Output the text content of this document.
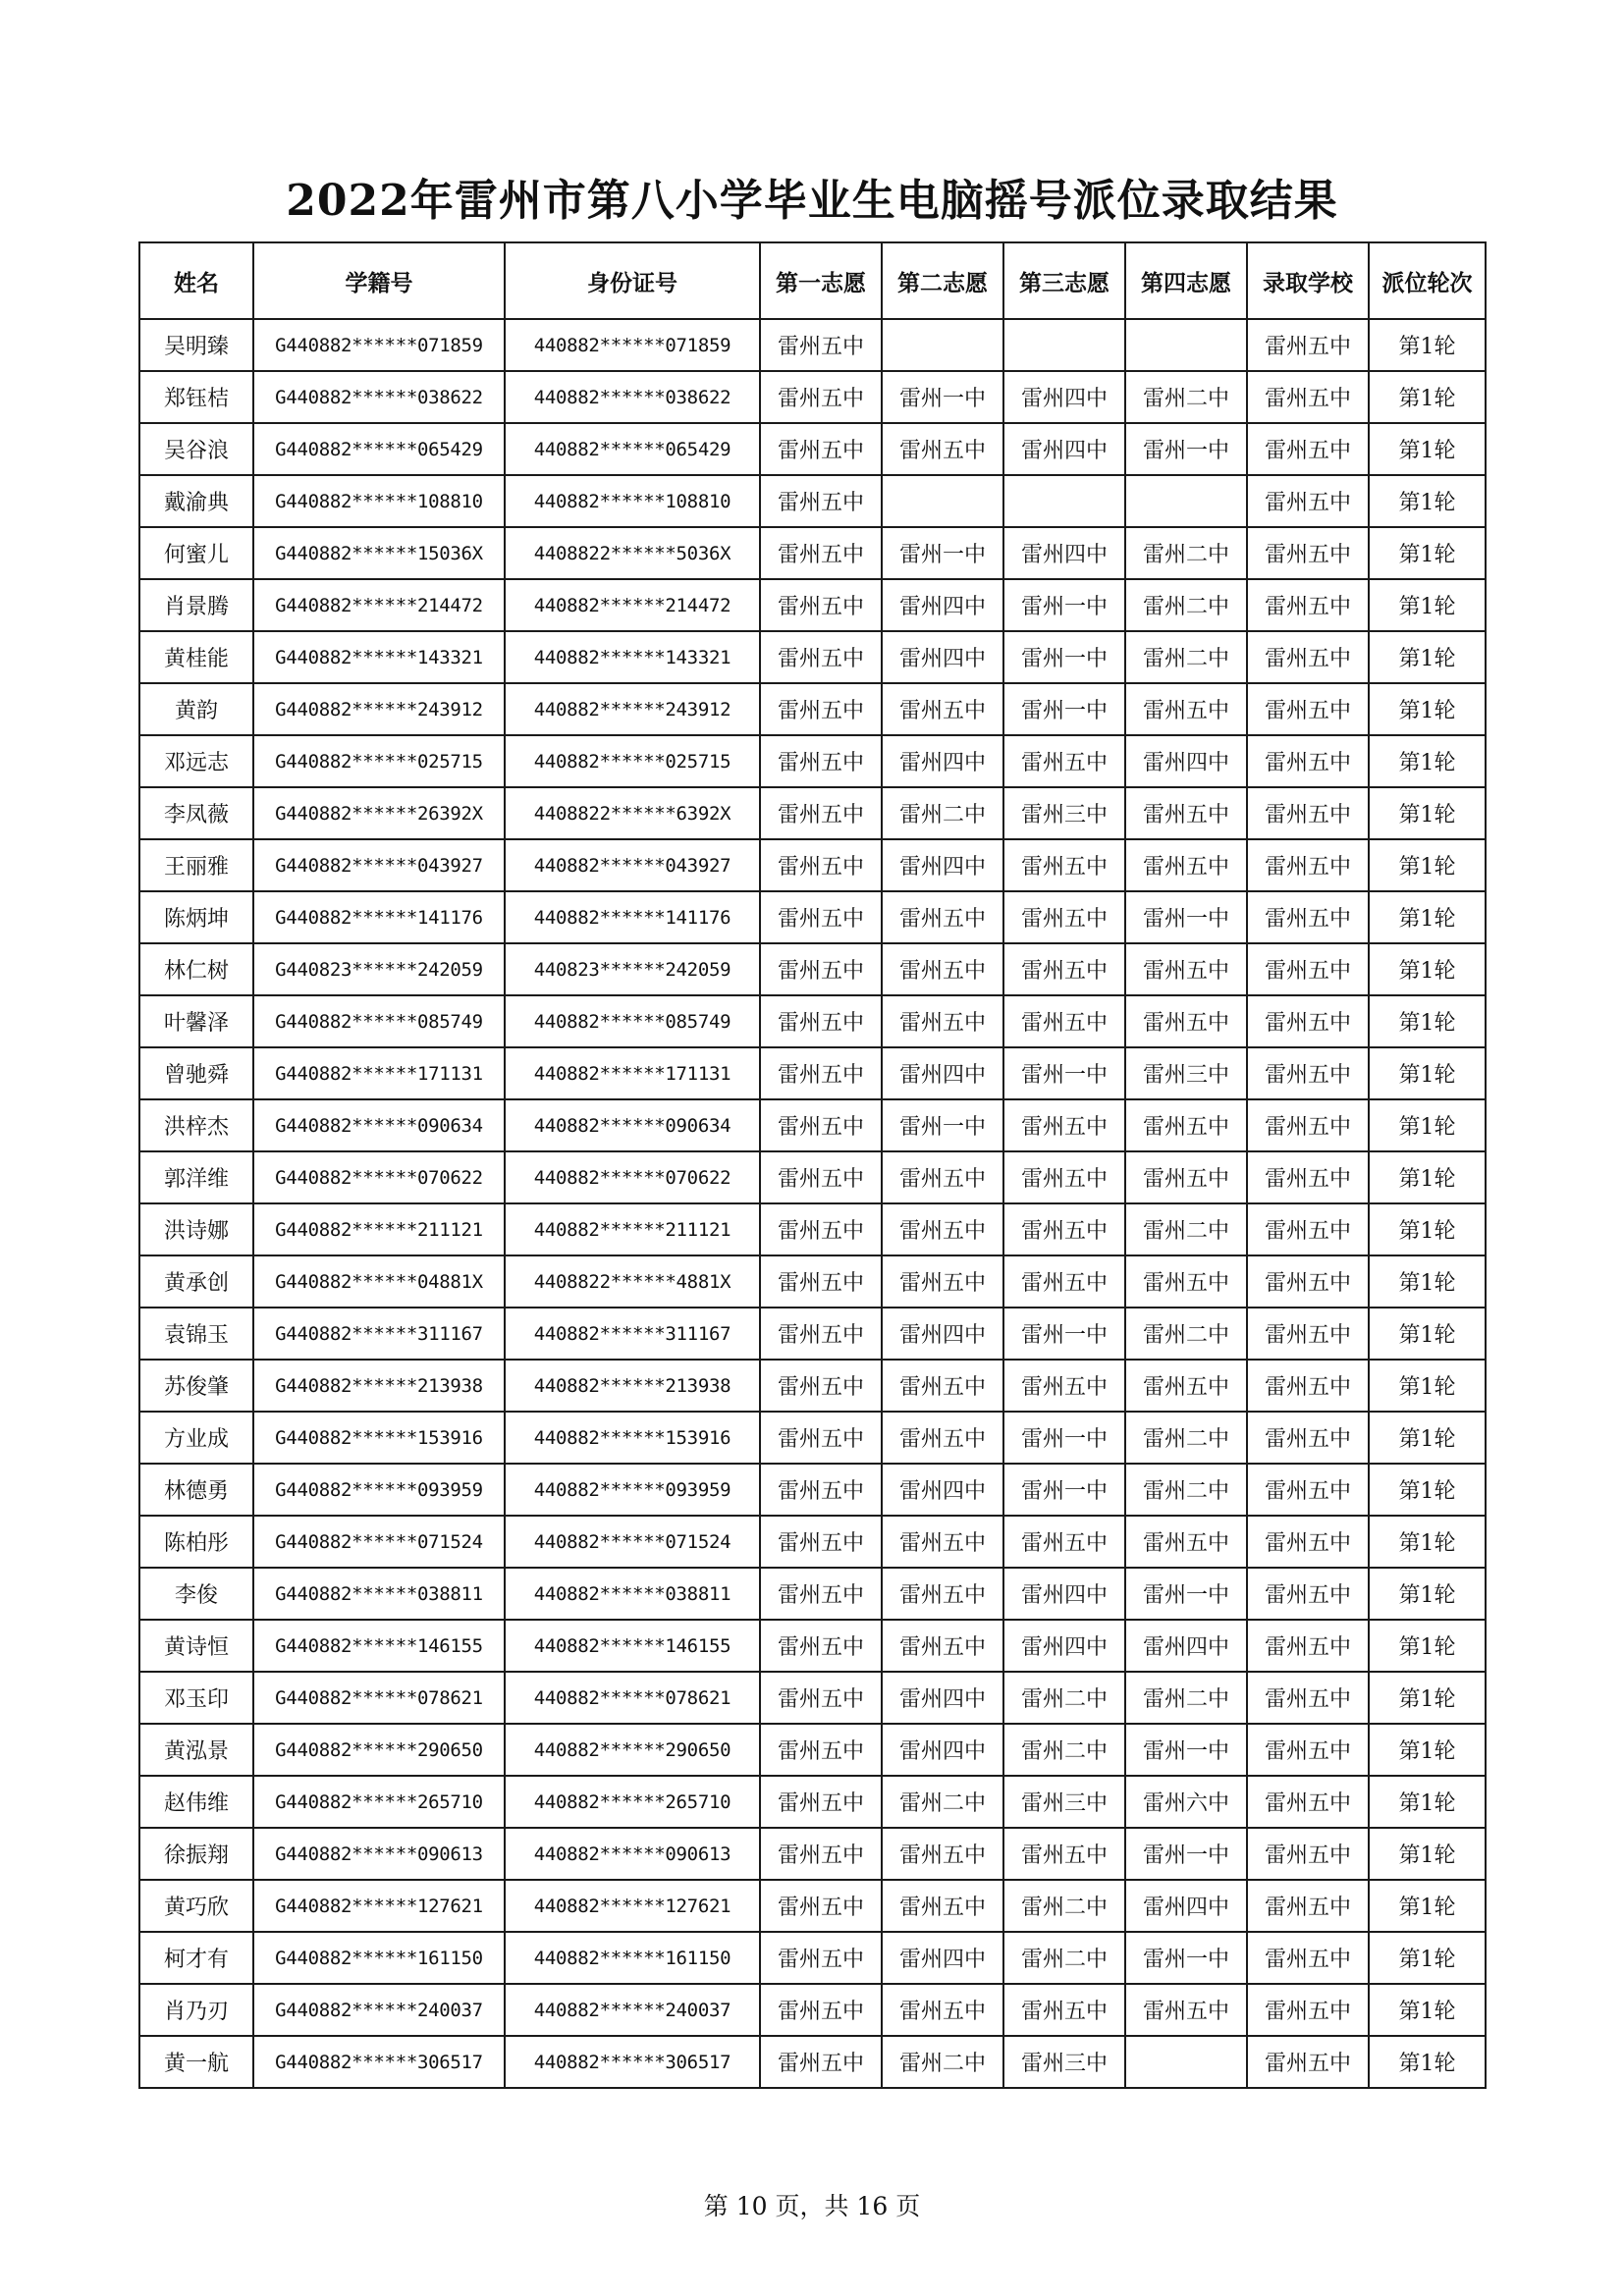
2022年雷州市第八小学毕业生电脑摇号派位录取结果
姓名	学籍号	身份证号	第一志愿	第二志愿	第三志愿	第四志愿	录取学校	派位轮次
吴明臻	G440882******071859	440882******071859	雷州五中				雷州五中	第1轮
郑钰桔	G440882******038622	440882******038622	雷州五中	雷州一中	雷州四中	雷州二中	雷州五中	第1轮
吴谷浪	G440882******065429	440882******065429	雷州五中	雷州五中	雷州四中	雷州一中	雷州五中	第1轮
戴渝典	G440882******108810	440882******108810	雷州五中				雷州五中	第1轮
何蜜儿	G440882******15036X	4408822******5036X	雷州五中	雷州一中	雷州四中	雷州二中	雷州五中	第1轮
肖景腾	G440882******214472	440882******214472	雷州五中	雷州四中	雷州一中	雷州二中	雷州五中	第1轮
黄桂能	G440882******143321	440882******143321	雷州五中	雷州四中	雷州一中	雷州二中	雷州五中	第1轮
黄韵	G440882******243912	440882******243912	雷州五中	雷州五中	雷州一中	雷州五中	雷州五中	第1轮
邓远志	G440882******025715	440882******025715	雷州五中	雷州四中	雷州五中	雷州四中	雷州五中	第1轮
李凤薇	G440882******26392X	4408822******6392X	雷州五中	雷州二中	雷州三中	雷州五中	雷州五中	第1轮
王丽雅	G440882******043927	440882******043927	雷州五中	雷州四中	雷州五中	雷州五中	雷州五中	第1轮
陈炳坤	G440882******141176	440882******141176	雷州五中	雷州五中	雷州五中	雷州一中	雷州五中	第1轮
林仁树	G440823******242059	440823******242059	雷州五中	雷州五中	雷州五中	雷州五中	雷州五中	第1轮
叶馨泽	G440882******085749	440882******085749	雷州五中	雷州五中	雷州五中	雷州五中	雷州五中	第1轮
曾驰舜	G440882******171131	440882******171131	雷州五中	雷州四中	雷州一中	雷州三中	雷州五中	第1轮
洪梓杰	G440882******090634	440882******090634	雷州五中	雷州一中	雷州五中	雷州五中	雷州五中	第1轮
郭洋维	G440882******070622	440882******070622	雷州五中	雷州五中	雷州五中	雷州五中	雷州五中	第1轮
洪诗娜	G440882******211121	440882******211121	雷州五中	雷州五中	雷州五中	雷州二中	雷州五中	第1轮
黄承创	G440882******04881X	4408822******4881X	雷州五中	雷州五中	雷州五中	雷州五中	雷州五中	第1轮
袁锦玉	G440882******311167	440882******311167	雷州五中	雷州四中	雷州一中	雷州二中	雷州五中	第1轮
苏俊肇	G440882******213938	440882******213938	雷州五中	雷州五中	雷州五中	雷州五中	雷州五中	第1轮
方业成	G440882******153916	440882******153916	雷州五中	雷州五中	雷州一中	雷州二中	雷州五中	第1轮
林德勇	G440882******093959	440882******093959	雷州五中	雷州四中	雷州一中	雷州二中	雷州五中	第1轮
陈柏彤	G440882******071524	440882******071524	雷州五中	雷州五中	雷州五中	雷州五中	雷州五中	第1轮
李俊	G440882******038811	440882******038811	雷州五中	雷州五中	雷州四中	雷州一中	雷州五中	第1轮
黄诗恒	G440882******146155	440882******146155	雷州五中	雷州五中	雷州四中	雷州四中	雷州五中	第1轮
邓玉印	G440882******078621	440882******078621	雷州五中	雷州四中	雷州二中	雷州二中	雷州五中	第1轮
黄泓景	G440882******290650	440882******290650	雷州五中	雷州四中	雷州二中	雷州一中	雷州五中	第1轮
赵伟维	G440882******265710	440882******265710	雷州五中	雷州二中	雷州三中	雷州六中	雷州五中	第1轮
徐振翔	G440882******090613	440882******090613	雷州五中	雷州五中	雷州五中	雷州一中	雷州五中	第1轮
黄巧欣	G440882******127621	440882******127621	雷州五中	雷州五中	雷州二中	雷州四中	雷州五中	第1轮
柯才有	G440882******161150	440882******161150	雷州五中	雷州四中	雷州二中	雷州一中	雷州五中	第1轮
肖乃刃	G440882******240037	440882******240037	雷州五中	雷州五中	雷州五中	雷州五中	雷州五中	第1轮
黄一航	G440882******306517	440882******306517	雷州五中	雷州二中	雷州三中		雷州五中	第1轮
第 10 页，共 16 页
